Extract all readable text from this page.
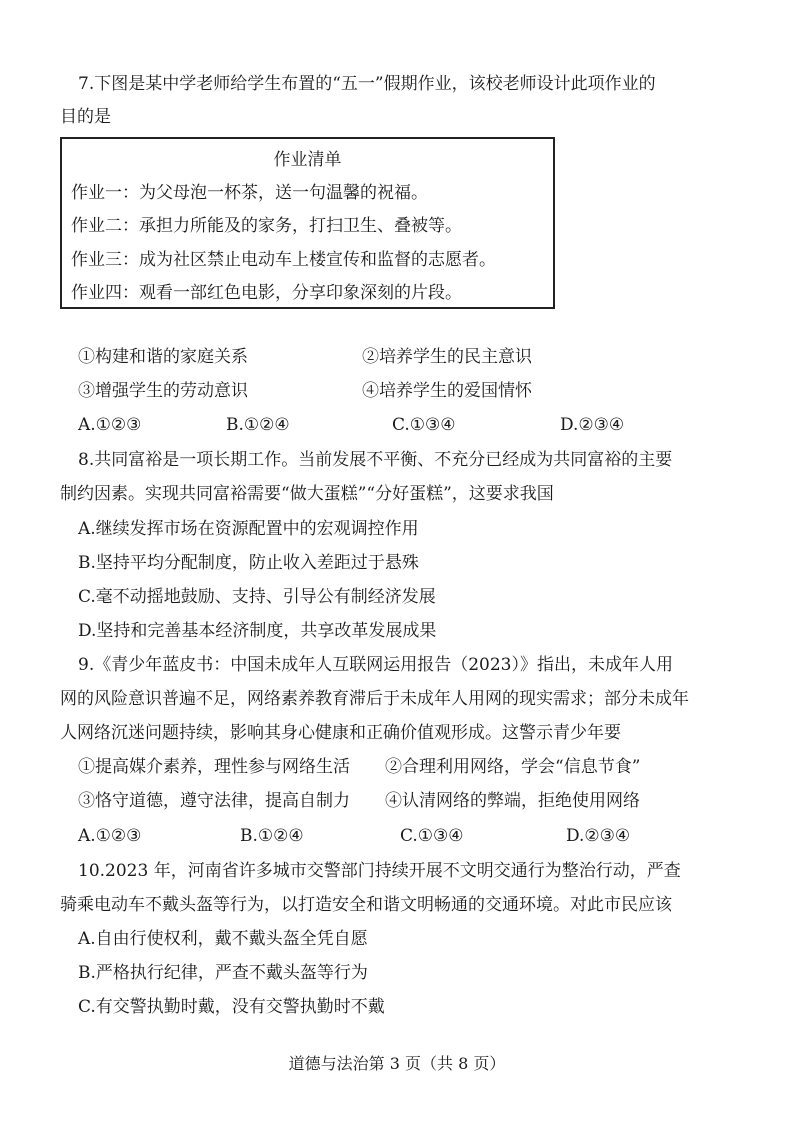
7.下图是某中学老师给学生布置的“五一”假期作业，该校老师设计此项作业的
目的是
作业清单
作业一：为父母泡一杯茶，送一句温馨的祝福。
作业二：承担力所能及的家务，打扫卫生、叠被等。
作业三：成为社区禁止电动车上楼宣传和监督的志愿者。
作业四：观看一部红色电影，分享印象深刻的片段。
①构建和谐的家庭关系	②培养学生的民主意识
③增强学生的劳动意识	④培养学生的爱国情怀
A.①②③	B.①②④	C.①③④	D.②③④
8.共同富裕是一项长期工作。当前发展不平衡、不充分已经成为共同富裕的主要
制约因素。实现共同富裕需要“做大蛋糕”“分好蛋糕”，这要求我国
A.继续发挥市场在资源配置中的宏观调控作用
B.坚持平均分配制度，防止收入差距过于悬殊
C.毫不动摇地鼓励、支持、引导公有制经济发展
D.坚持和完善基本经济制度，共享改革发展成果
9.《青少年蓝皮书：中国未成年人互联网运用报告（2023）》指出，未成年人用
网的风险意识普遍不足，网络素养教育滞后于未成年人用网的现实需求；部分未成年
人网络沉迷问题持续，影响其身心健康和正确价值观形成。这警示青少年要
①提高媒介素养，理性参与网络生活 ②合理利用网络，学会“信息节食”
③恪守道德，遵守法律，提高自制力 ④认清网络的弊端，拒绝使用网络
A.①②③	B.①②④	C.①③④	D.②③④
10.2023 年，河南省许多城市交警部门持续开展不文明交通行为整治行动，严查
骑乘电动车不戴头盔等行为，以打造安全和谐文明畅通的交通环境。对此市民应该
A.自由行使权利，戴不戴头盔全凭自愿
B.严格执行纪律，严查不戴头盔等行为
C.有交警执勤时戴，没有交警执勤时不戴
道德与法治第 3 页（共 8 页）
